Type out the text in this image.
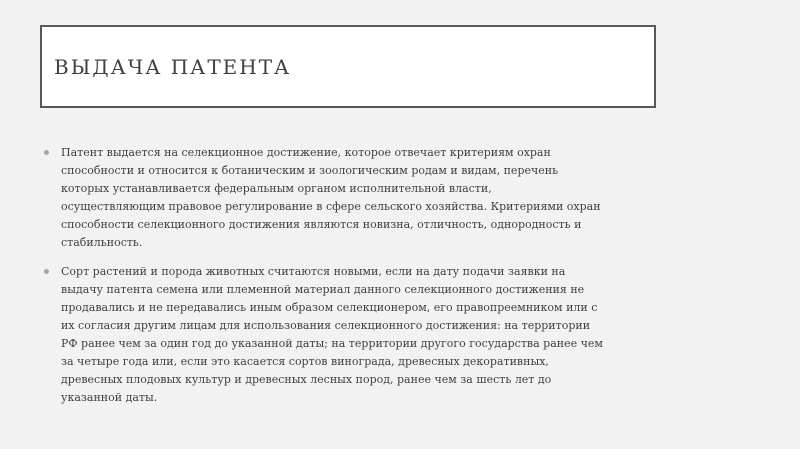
ВЫДАЧА ПАТЕНТА
Патент выдается на селекционное достижение, которое отвечает критериям охран
способности и относится к ботаническим и зоологическим родам и видам, перечень
которых устанавливается федеральным органом исполнительной власти,
осуществляющим правовое регулирование в сфере сельского хозяйства. Критериями охран
способности селекционного достижения являются новизна, отличность, однородность и
стабильность.
Сорт растений и порода животных считаются новыми, если на дату подачи заявки на
выдачу патента семена или племенной материал данного селекционного достижения не
продавались и не передавались иным образом селекционером, его правопреемником или с
их согласия другим лицам для использования селекционного достижения: на территории
РФ ранее чем за один год до указанной даты; на территории другого государства ранее чем
за четыре года или, если это касается сортов винограда, древесных декоративных,
древесных плодовых культур и древесных лесных пород, ранее чем за шесть лет до
указанной даты.
